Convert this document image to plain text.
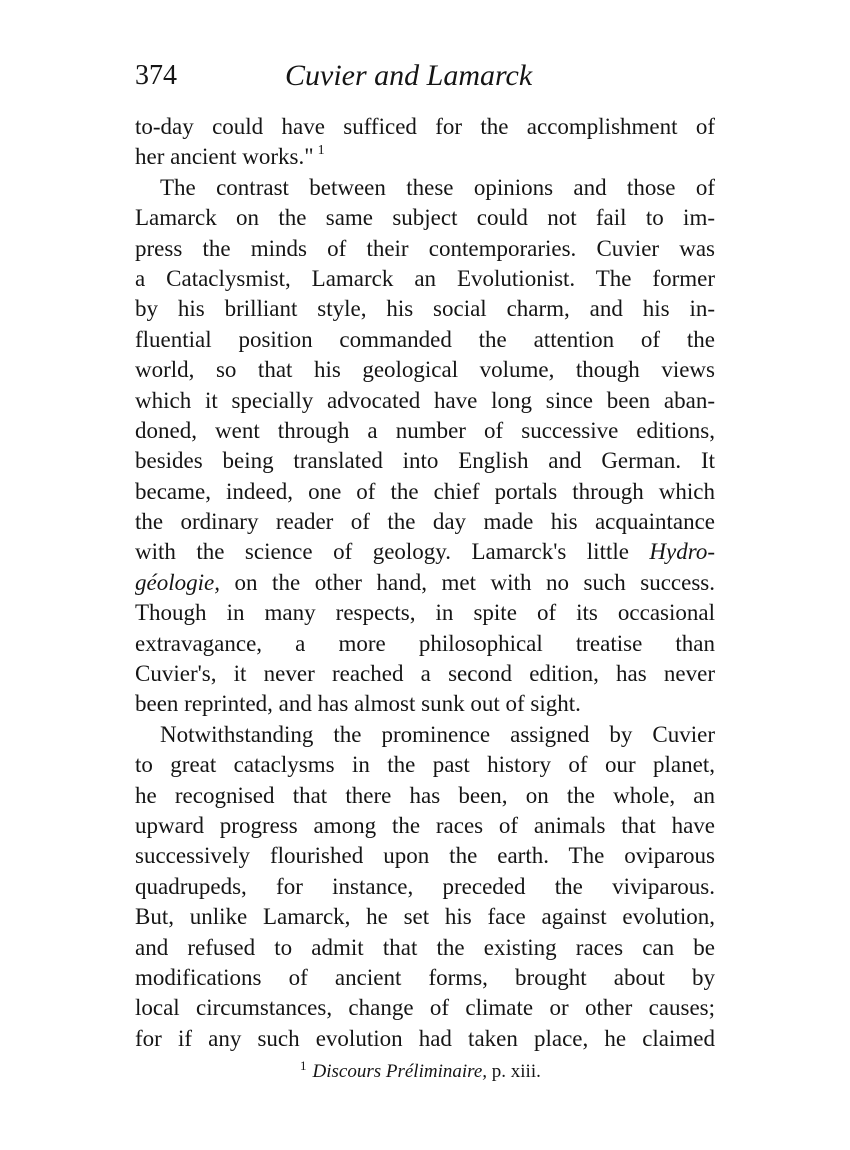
374	Cuvier and Lamarck
to-day could have sufficed for the accomplishment of
her ancient works." $^1$
The contrast between these opinions and those of
Lamarck on the same subject could not fail to im-
press the minds of their contemporaries. Cuvier was
a Cataclysmist, Lamarck an Evolutionist. The former
by his brilliant style, his social charm, and his in-
fluential position commanded the attention of the
world, so that his geological volume, though views
which it specially advocated have long since been aban-
doned, went through a number of successive editions,
besides being translated into English and German. It
became, indeed, one of the chief portals through which
the ordinary reader of the day made his acquaintance
with the science of geology. Lamarck's little Hydro-
géologie, on the other hand, met with no such success.
Though in many respects, in spite of its occasional
extravagance, a more philosophical treatise than
Cuvier's, it never reached a second edition, has never
been reprinted, and has almost sunk out of sight.
Notwithstanding the prominence assigned by Cuvier
to great cataclysms in the past history of our planet,
he recognised that there has been, on the whole, an
upward progress among the races of animals that have
successively flourished upon the earth. The oviparous
quadrupeds, for instance, preceded the viviparous.
But, unlike Lamarck, he set his face against evolution,
and refused to admit that the existing races can be
modifications of ancient forms, brought about by
local circumstances, change of climate or other causes;
for if any such evolution had taken place, he claimed
$^1$ Discours Préliminaire, p. xiii.
